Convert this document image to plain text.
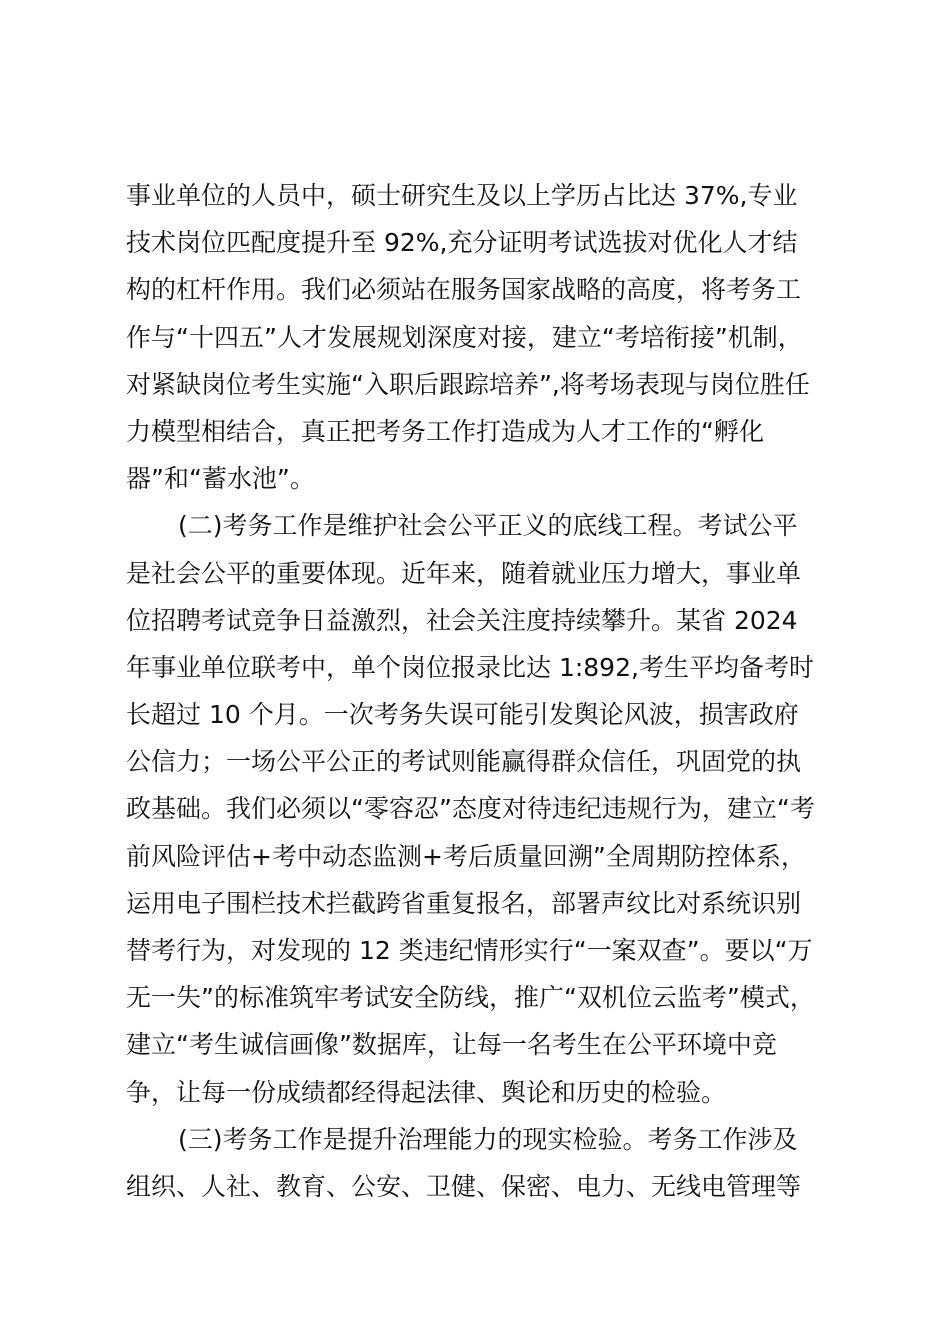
事业单位的人员中，硕士研究生及以上学历占比达 37%,专业
技术岗位匹配度提升至 92%,充分证明考试选拔对优化人才结
构的杠杆作用。我们必须站在服务国家战略的高度，将考务工
作与“十四五”人才发展规划深度对接，建立“考培衔接”机制，
对紧缺岗位考生实施“入职后跟踪培养”,将考场表现与岗位胜任
力模型相结合，真正把考务工作打造成为人才工作的“孵化
器”和“蓄水池”。
(二)考务工作是维护社会公平正义的底线工程。考试公平
是社会公平的重要体现。近年来，随着就业压力增大，事业单
位招聘考试竞争日益激烈，社会关注度持续攀升。某省 2024
年事业单位联考中，单个岗位报录比达 1:892,考生平均备考时
长超过 10 个月。一次考务失误可能引发舆论风波，损害政府
公信力；一场公平公正的考试则能赢得群众信任，巩固党的执
政基础。我们必须以“零容忍”态度对待违纪违规行为，建立“考
前风险评估+考中动态监测+考后质量回溯”全周期防控体系，
运用电子围栏技术拦截跨省重复报名，部署声纹比对系统识别
替考行为，对发现的 12 类违纪情形实行“一案双查”。要以“万
无一失”的标准筑牢考试安全防线，推广“双机位云监考”模式，
建立“考生诚信画像”数据库，让每一名考生在公平环境中竞
争，让每一份成绩都经得起法律、舆论和历史的检验。
(三)考务工作是提升治理能力的现实检验。考务工作涉及
组织、人社、教育、公安、卫健、保密、电力、无线电管理等
